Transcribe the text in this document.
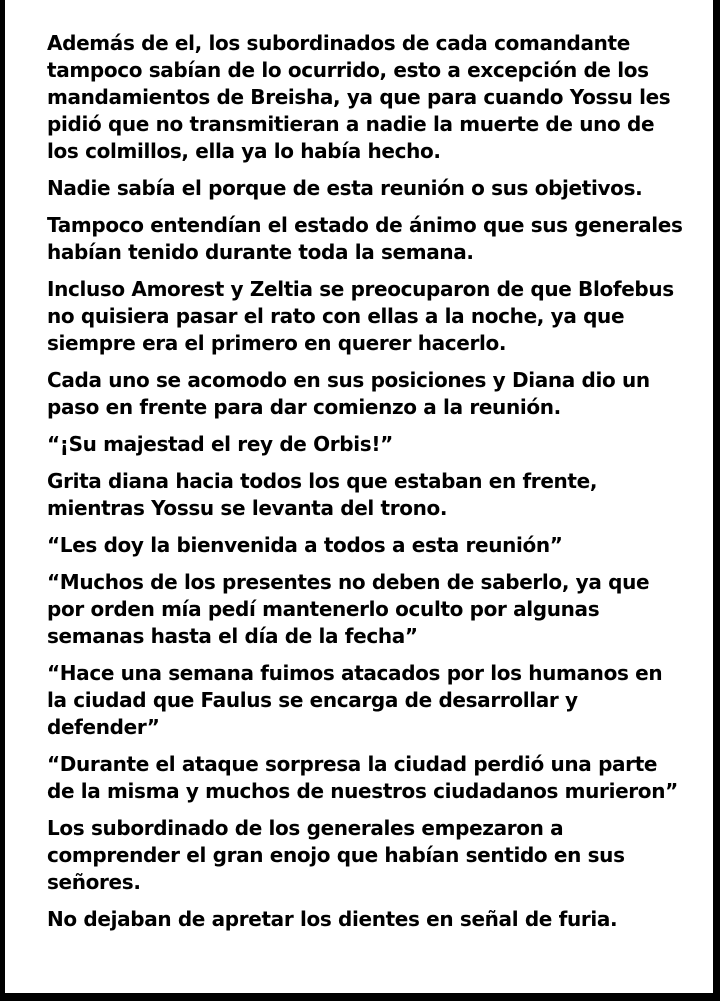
Además de el, los subordinados de cada comandante tampoco sabían de lo ocurrido, esto a excepción de los mandamientos de Breisha, ya que para cuando Yossu les pidió que no transmitieran a nadie la muerte de uno de los colmillos, ella ya lo había hecho.

Nadie sabía el porque de esta reunión o sus objetivos.

Tampoco entendían el estado de ánimo que sus generales habían tenido durante toda la semana.

Incluso Amorest y Zeltia se preocuparon de que Blofebus no quisiera pasar el rato con ellas a la noche, ya que siempre era el primero en querer hacerlo.

Cada uno se acomodo en sus posiciones y Diana dio un paso en frente para dar comienzo a la reunión.

“¡Su majestad el rey de Orbis!”

Grita diana hacia todos los que estaban en frente, mientras Yossu se levanta del trono.

“Les doy la bienvenida a todos a esta reunión”

“Muchos de los presentes no deben de saberlo, ya que por orden mía pedí mantenerlo oculto por algunas semanas hasta el día de la fecha”

“Hace una semana fuimos atacados por los humanos en la ciudad que Faulus se encarga de desarrollar y defender”

“Durante el ataque sorpresa la ciudad perdió una parte de la misma y muchos de nuestros ciudadanos murieron”

Los subordinado de los generales empezaron a comprender el gran enojo que habían sentido en sus señores.

No dejaban de apretar los dientes en señal de furia.
